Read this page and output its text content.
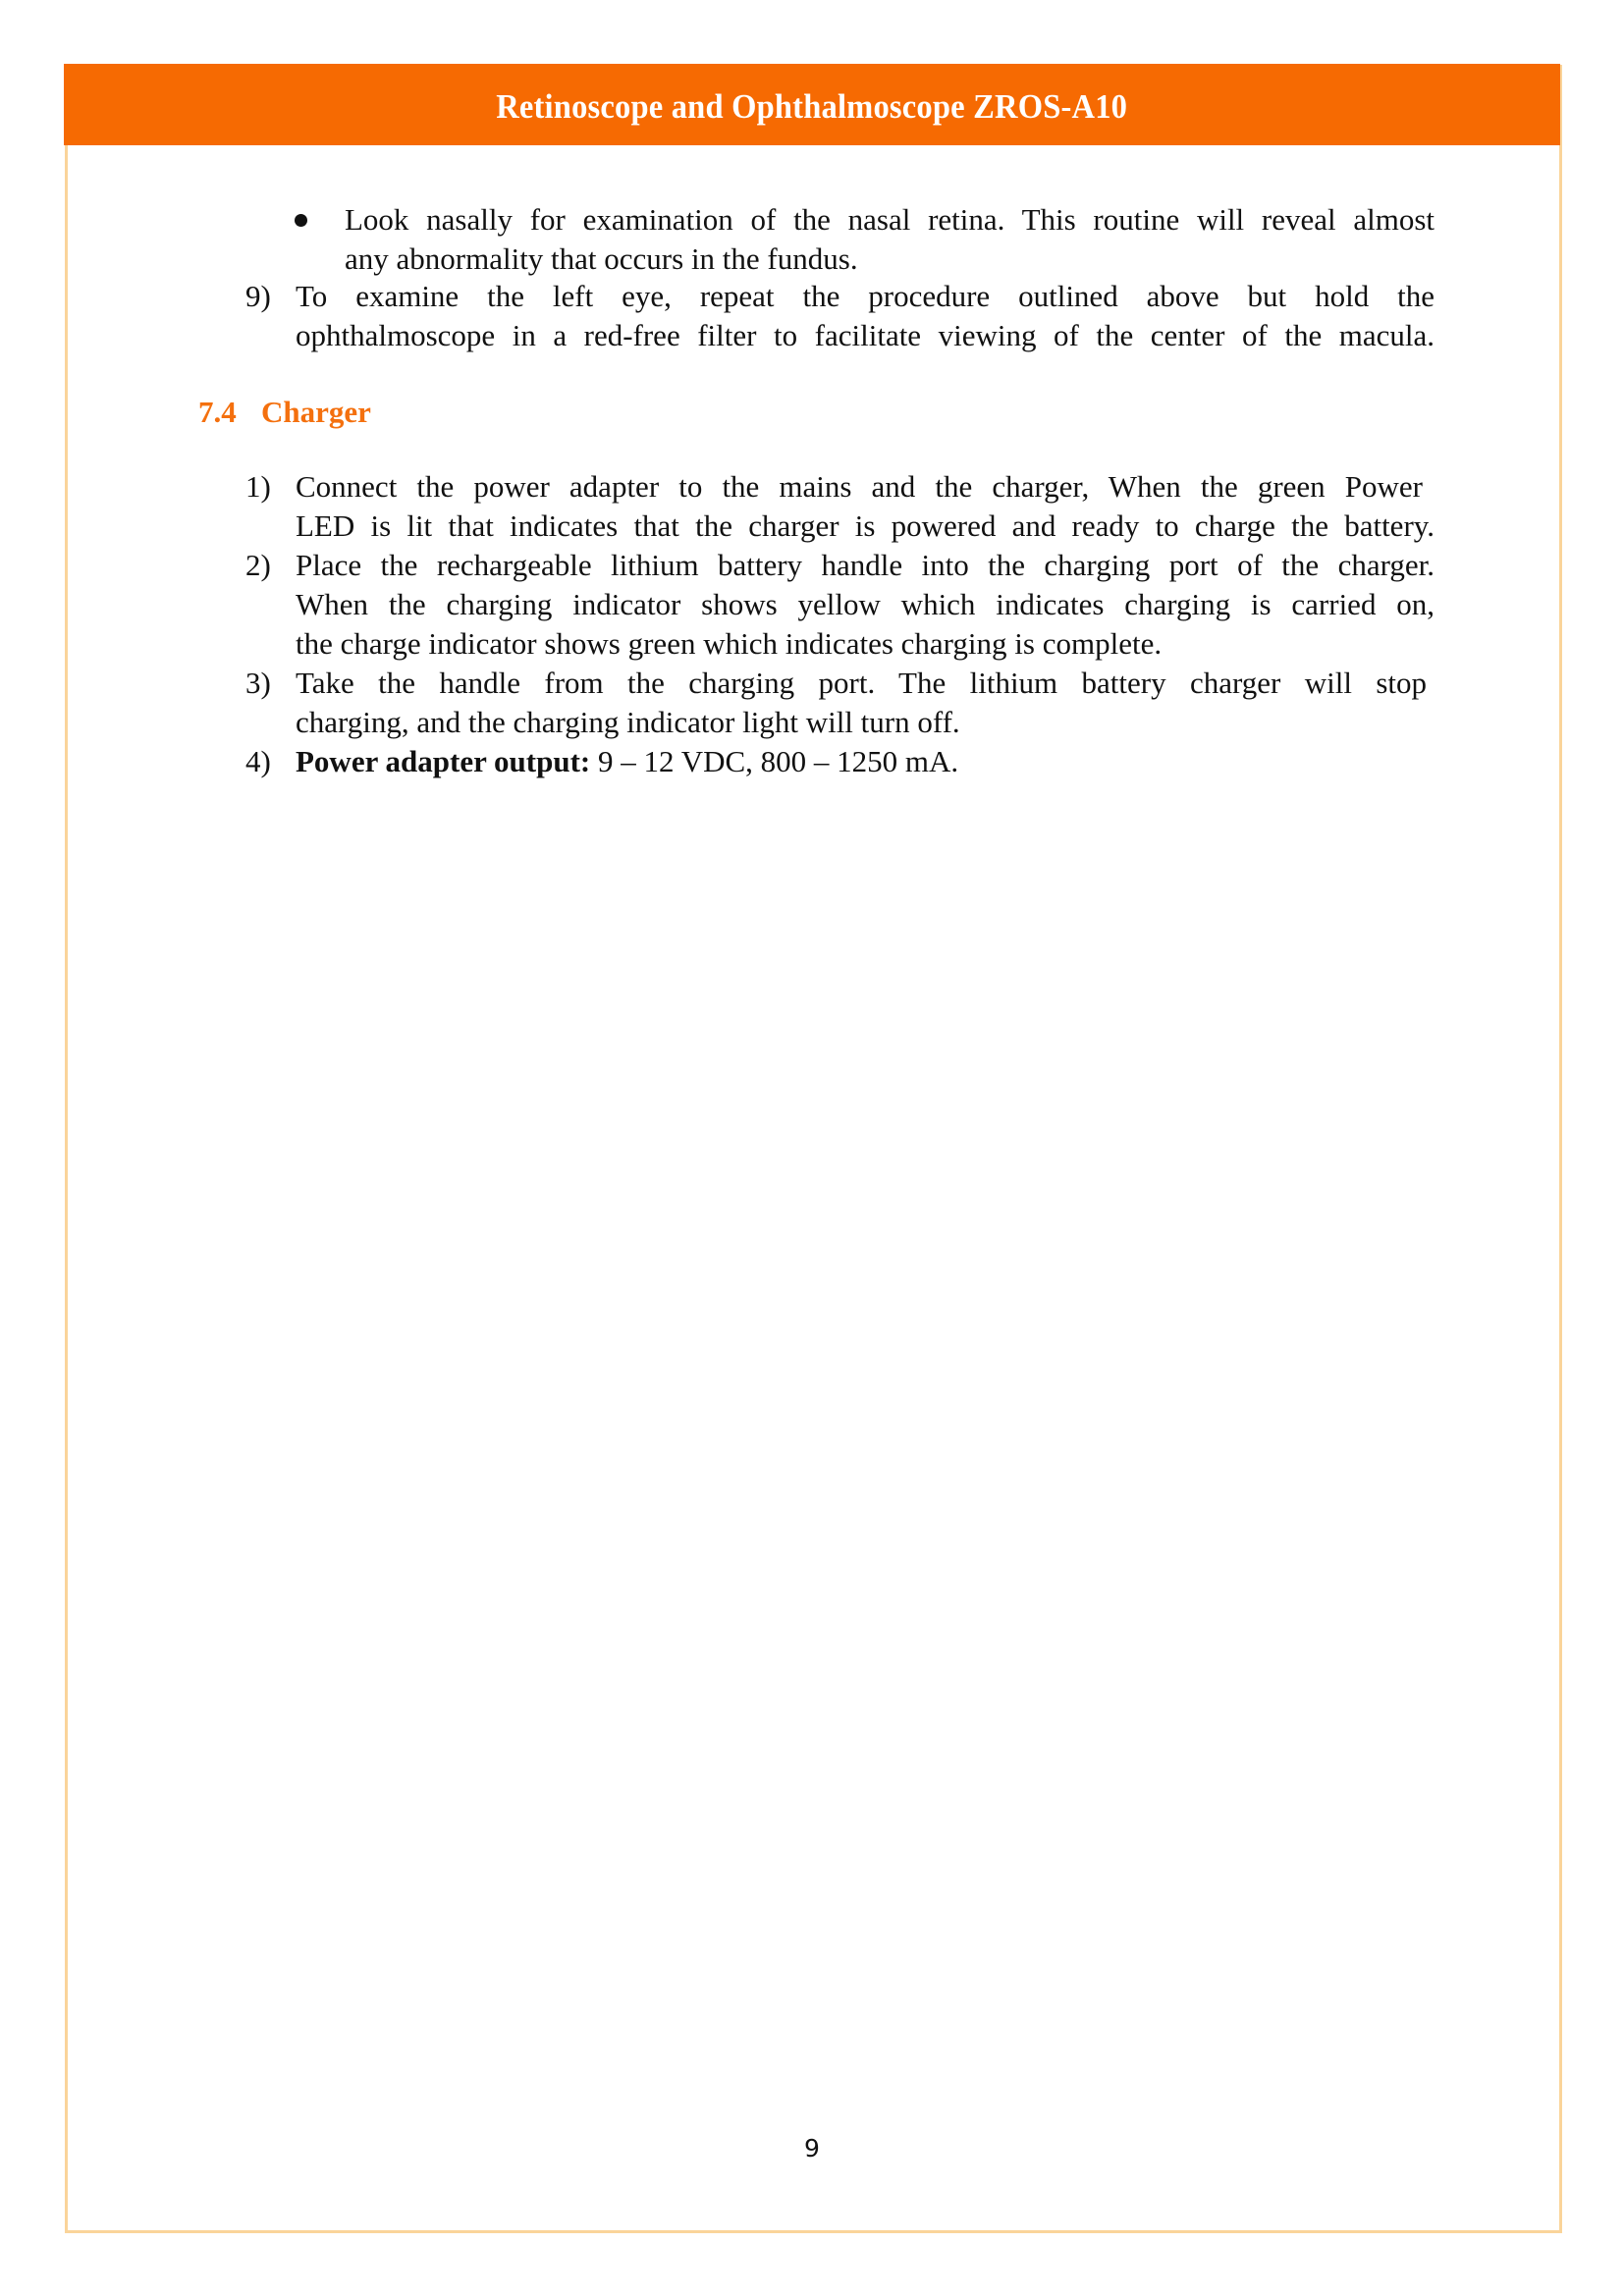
Retinoscope and Ophthalmoscope ZROS-A10
Look nasally for examination of the nasal retina. This routine will reveal almost
any abnormality that occurs in the fundus.
9) To examine the left eye, repeat the procedure outlined above but hold the
ophthalmoscope in a red-free filter to facilitate viewing of the center of the macula.
7.4 Charger
1) Connect the power adapter to the mains and the charger, When the green Power
LED is lit that indicates that the charger is powered and ready to charge the battery.
2) Place the rechargeable lithium battery handle into the charging port of the charger.
When the charging indicator shows yellow which indicates charging is carried on,
the charge indicator shows green which indicates charging is complete.
3) Take the handle from the charging port. The lithium battery charger will stop
charging, and the charging indicator light will turn off.
4) Power adapter output: 9 – 12 VDC, 800 – 1250 mA.
9
